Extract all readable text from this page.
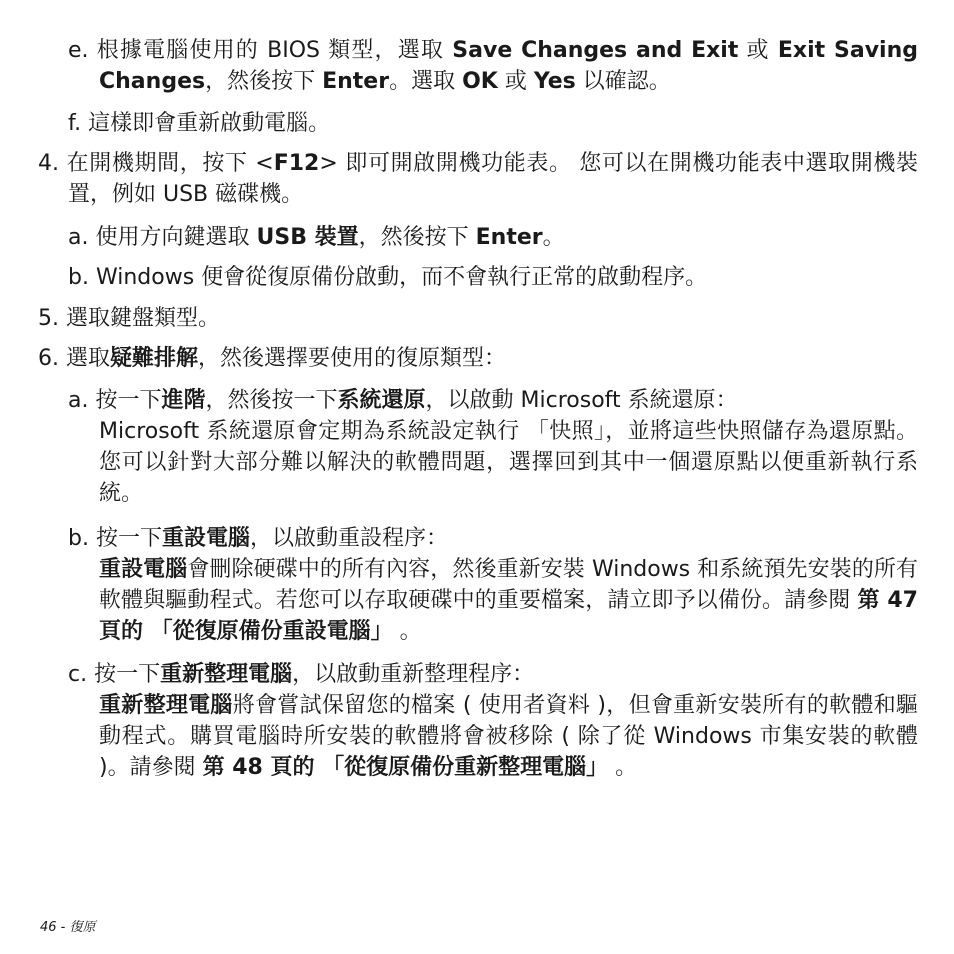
e. 根據電腦使用的 BIOS 類型，選取 Save Changes and Exit 或 Exit Saving Changes，然後按下 Enter。選取 OK 或 Yes 以確認。
f. 這樣即會重新啟動電腦。
4. 在開機期間，按下 <F12> 即可開啟開機功能表。 您可以在開機功能表中選取開機裝置，例如 USB 磁碟機。
a. 使用方向鍵選取 USB 裝置，然後按下 Enter。
b. Windows 便會從復原備份啟動，而不會執行正常的啟動程序。
5. 選取鍵盤類型。
6. 選取疑難排解，然後選擇要使用的復原類型：
a. 按一下進階，然後按一下系統還原，以啟動 Microsoft 系統還原：
Microsoft 系統還原會定期為系統設定執行 「快照」，並將這些快照儲存為還原點。您可以針對大部分難以解決的軟體問題，選擇回到其中一個還原點以便重新執行系統。
b. 按一下重設電腦，以啟動重設程序：
重設電腦會刪除硬碟中的所有內容，然後重新安裝 Windows 和系統預先安裝的所有軟體與驅動程式。若您可以存取硬碟中的重要檔案，請立即予以備份。請參閱 第 47 頁的 「從復原備份重設電腦」 。
c. 按一下重新整理電腦，以啟動重新整理程序：
重新整理電腦將會嘗試保留您的檔案 ( 使用者資料 )，但會重新安裝所有的軟體和驅動程式。購買電腦時所安裝的軟體將會被移除 ( 除了從 Windows 市集安裝的軟體 )。請參閱 第 48 頁的 「從復原備份重新整理電腦」 。
46 - 復原
